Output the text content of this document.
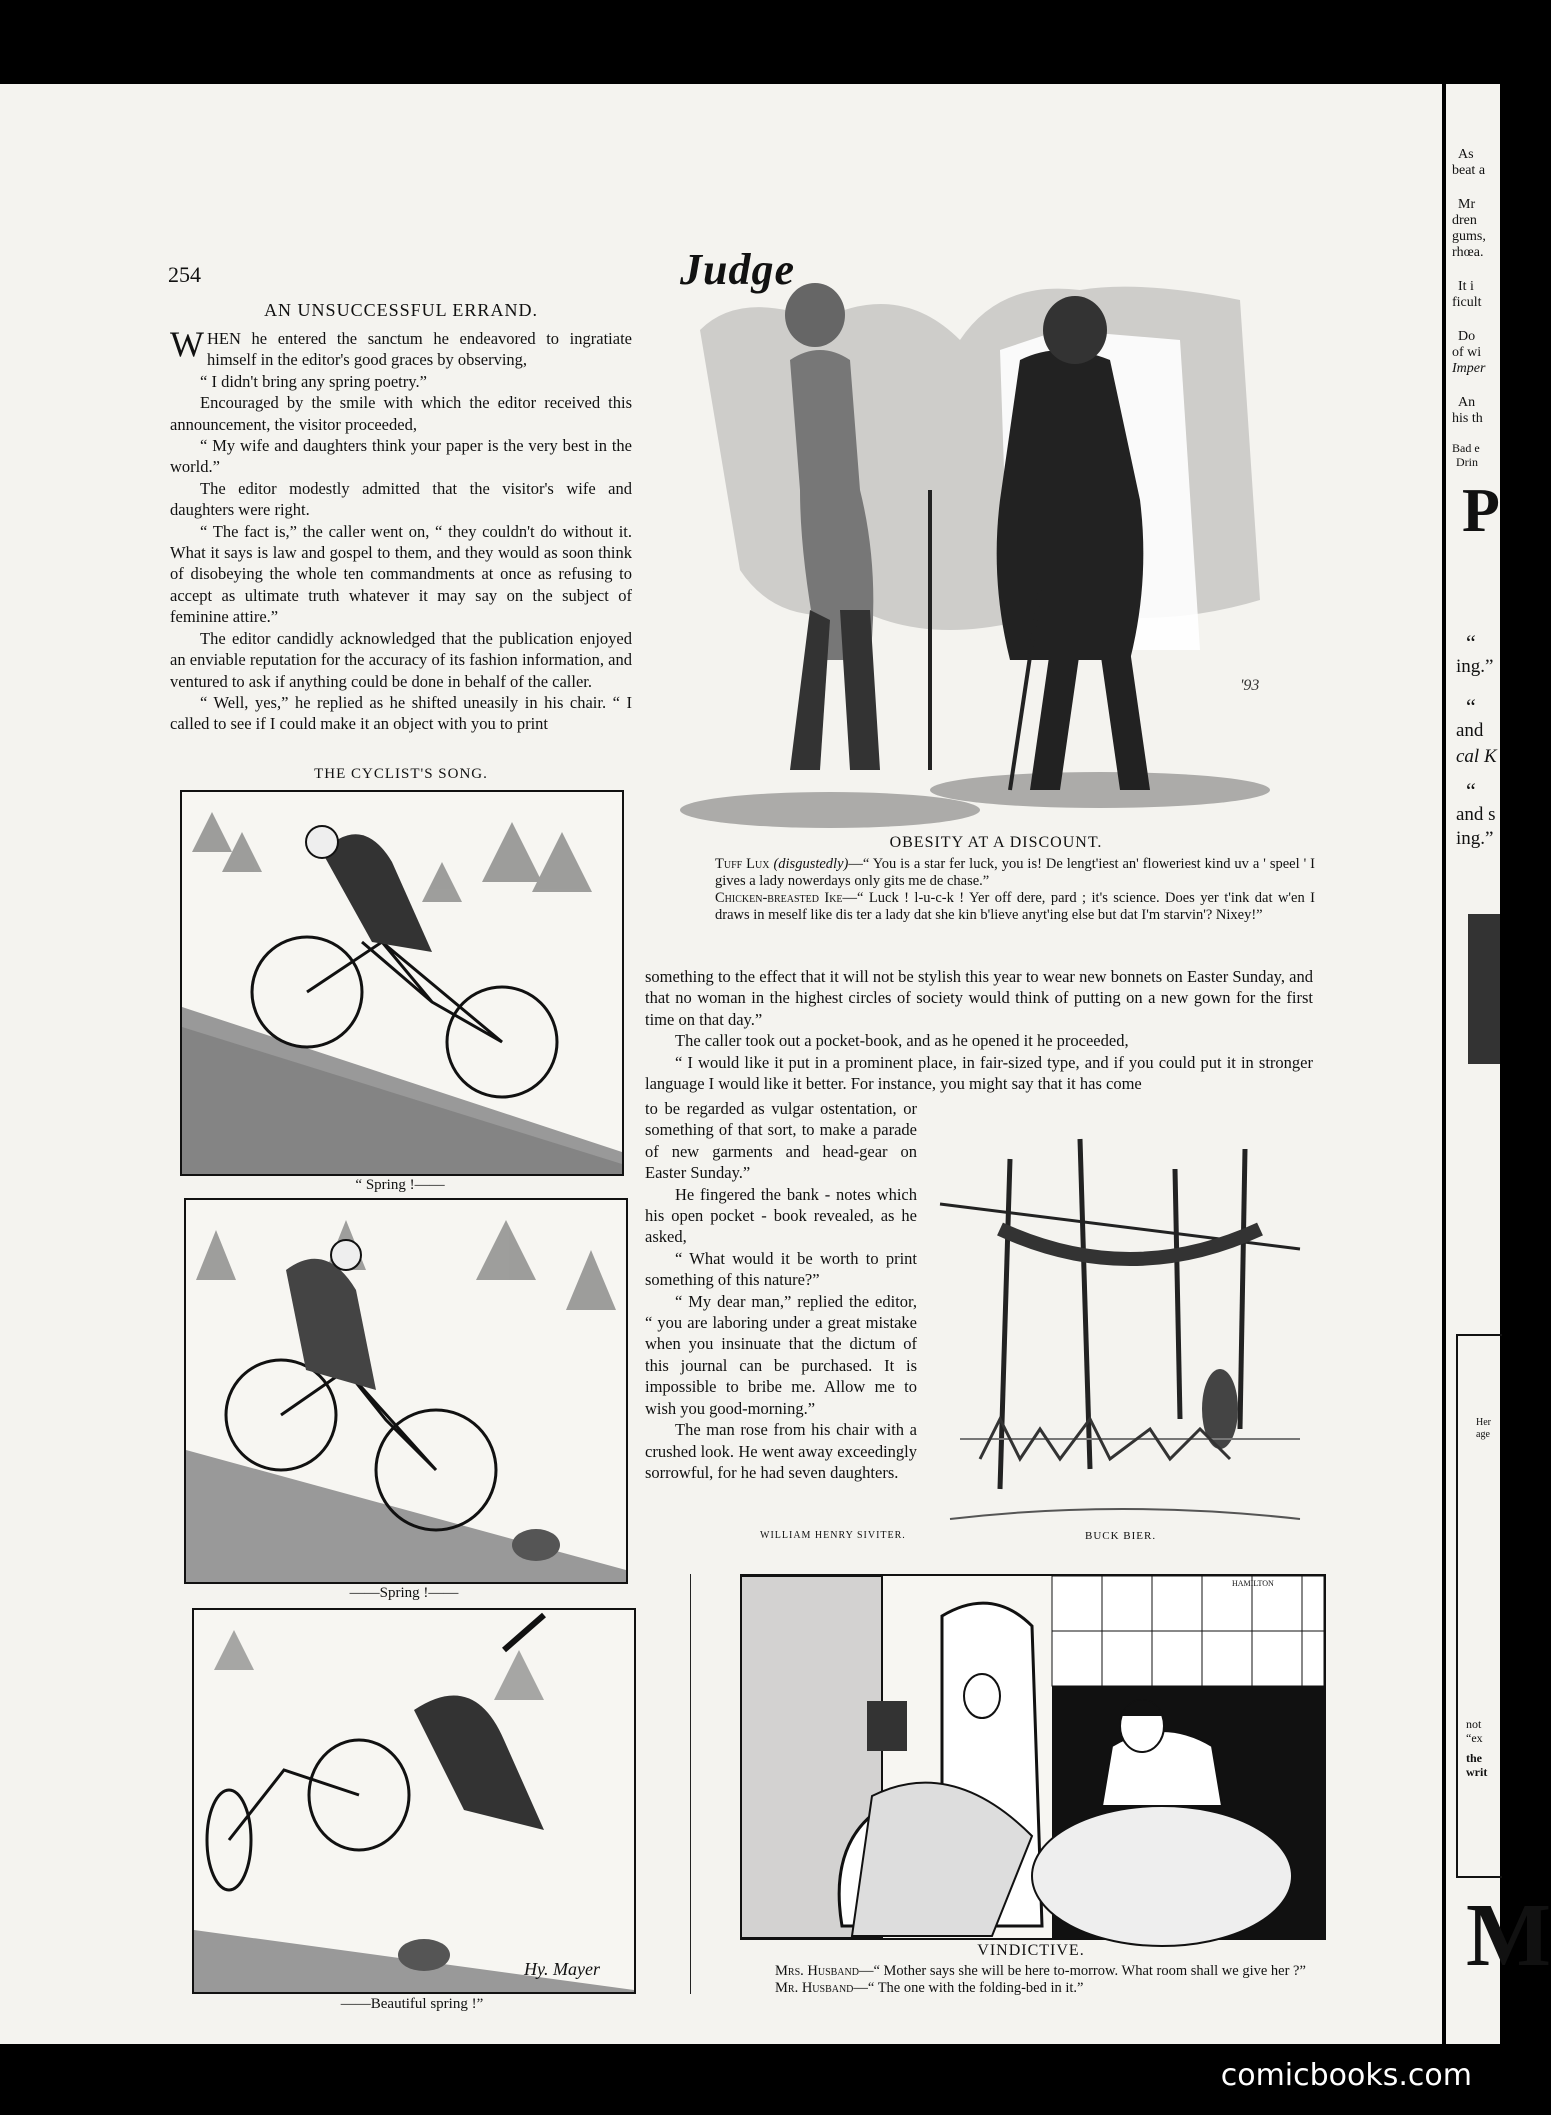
254	Judge
AN UNSUCCESSFUL ERRAND.

WHEN he entered the sanctum he endeavored to ingratiate himself in the editor's good graces by observing,

“ I didn't bring any spring poetry.”

Encouraged by the smile with which the editor received this announcement, the visitor proceeded,

“ My wife and daughters think your paper is the very best in the world.”

The editor modestly admitted that the visitor's wife and daughters were right.

“ The fact is,” the caller went on, “ they couldn't do without it. What it says is law and gospel to them, and they would as soon think of disobeying the whole ten commandments at once as refusing to accept as ultimate truth whatever it may say on the subject of feminine attire.”

The editor candidly acknowledged that the publication enjoyed an enviable reputation for the accuracy of its fashion information, and ventured to ask if anything could be done in behalf of the caller.

“ Well, yes,” he replied as he shifted uneasily in his chair. “ I called to see if I could make it an object with you to print

THE CYCLIST'S SONG.
“ Spring !——
——Spring !——
Hy. Mayer
——Beautiful spring !”
'93
OBESITY AT A DISCOUNT.
Tuff Lux (disgustedly)—“ You is a star fer luck, you is! De lengt'iest an' floweriest kind uv a ' speel ' I gives a lady nowerdays only gits me de chase.”
Chicken-breasted Ike—“ Luck ! l-u-c-k ! Yer off dere, pard ; it's science. Does yer t'ink dat w'en I draws in meself like dis ter a lady dat she kin b'lieve anyt'ing else but dat I'm starvin'? Nixey!”

something to the effect that it will not be stylish this year to wear new bonnets on Easter Sunday, and that no woman in the highest circles of society would think of putting on a new gown for the first time on that day.”

The caller took out a pocket-book, and as he opened it he proceeded,

“ I would like it put in a prominent place, in fair-sized type, and if you could put it in stronger language I would like it better. For instance, you might say that it has come

to be regarded as vulgar ostentation, or something of that sort, to make a parade of new garments and head-gear on Easter Sunday.”

He fingered the bank - notes which his open pocket - book revealed, as he asked,

“ What would it be worth to print something of this nature?”

“ My dear man,” replied the editor, “ you are laboring under a great mistake when you insinuate that the dictum of this journal can be purchased. It is impossible to bribe me. Allow me to wish you good-morning.”

The man rose from his chair with a crushed look. He went away exceedingly sorrowful, for he had seven daughters.

WILLIAM HENRY SIVITER.	BUCK BIER.
HAMILTON
VINDICTIVE.
Mrs. Husband—“ Mother says she will be here to-morrow. What room shall we give her ?”
Mr. Husband—“ The one with the folding-bed in it.”
As
beat a
Mr
dren
gums,
rhœa.
It i
ficult
Do
of wi
Imper
An
his th
Bad e
Drin
P
“
ing.”
“
and
cal K
“
and s
ing.”
Her
age
not
“ex
the
writ
M
comicbooks.com
